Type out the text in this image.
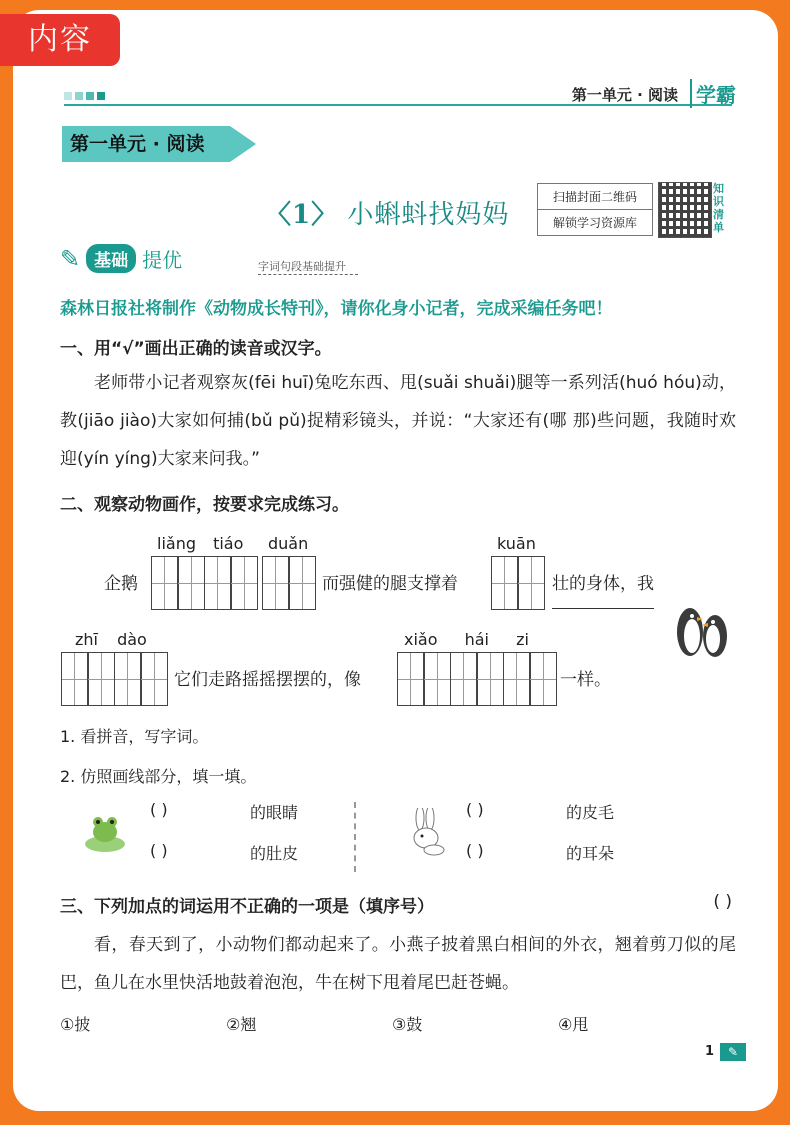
内容
第一单元 · 阅读 学霸
第一单元 · 阅读
〈1〉 小蝌蚪找妈妈
扫描封面二维码
解锁学习资源库
知识清单
✎ 基础 提优	字词句段基础提升
森林日报社将制作《动物成长特刊》，请你化身小记者，完成采编任务吧！
一、用“√”画出正确的读音或汉字。
老师带小记者观察灰(fēi huī)兔吃东西、甩(suǎi shuǎi)腿等一系列活(huó hóu)动，教(jiāo jiào)大家如何捕(bǔ pǔ)捉精彩镜头，并说：“大家还有(哪 那)些问题，我随时欢迎(yín yíng)大家来问我。”
二、观察动物画作，按要求完成练习。
liǎng tiáo duǎn	kuān
企鹅	而强健的腿支撑着	壮的身体，我
zhī dào	xiǎo hái zi
它们走路摇摇摆摆的，像	一样。
1. 看拼音，写字词。
2. 仿照画线部分，填一填。
( )	的眼睛
( )	的肚皮
( )	的皮毛
( )	的耳朵
三、下列加点的词运用不正确的一项是（填序号）	( )
看，春天到了，小动物们都动起来了。小燕子披着黑白相间的外衣，翘着剪刀似的尾巴，鱼儿在水里快活地鼓着泡泡，牛在树下甩着尾巴赶苍蝇。
①披	②翘	③鼓	④甩
1	✎
